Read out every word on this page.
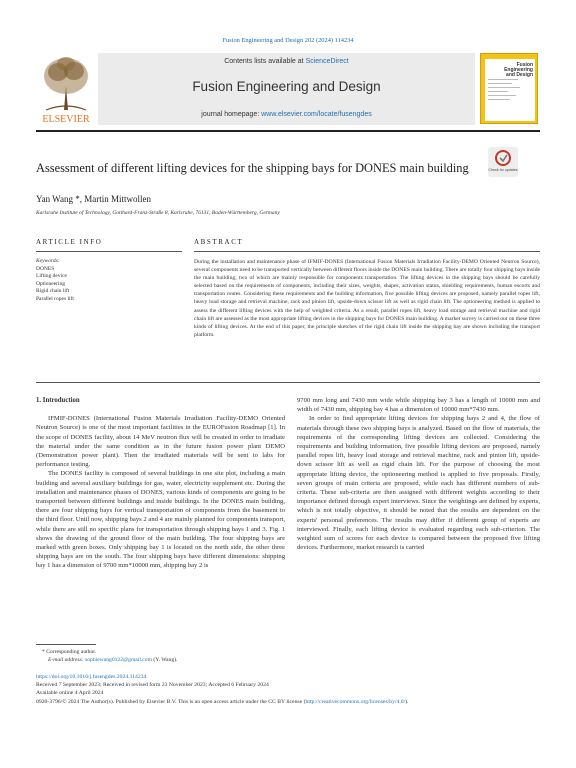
Fusion Engineering and Design 202 (2024) 114234
ELSEVIER
Contents lists available at ScienceDirect
Fusion Engineering and Design
journal homepage: www.elsevier.com/locate/fusengdes
Fusion Engineering
and Design
Assessment of different lifting devices for the shipping bays for DONES main building	Check for updates
Yan Wang *, Martin Mittwollen
Karlsruhe Institute of Technology, Gotthard-Franz-Straße 8, Karlsruhe, 76131, Baden-Württemberg, Germany
ARTICLE INFO	ABSTRACT
Keywords:
DONES
Lifting device
Optioneering
Rigid chain lift
Parallel ropes lift
During the installation and maintenance phase of IFMIF-DONES (International Fusion Materials Irradiation Facility-DEMO Oriented Neutron Source), several components need to be transported vertically between different floors inside the DONES main building. There are totally four shipping bays inside the main building, two of which are mainly responsible for components transportation. The lifting devices in the shipping bays should be carefully selected based on the requirements of components, including their sizes, weights, shapes, activation status, shielding requirements, human escorts and transportation routes. Considering these requirements and the building information, five possible lifting devices are proposed, namely parallel ropes lift, heavy load storage and retrieval machine, rack and pinion lift, upside-down scissor lift as well as rigid chain lift. The optioneering method is applied to assess the different lifting devices with the help of weighted criteria. As a result, parallel ropes lift, heavy load storage and retrieval machine and rigid chain lift are assessed as the most appropriate lifting devices in the shipping bays for DONES main building. A market survey is carried out on these three kinds of lifting devices. At the end of this paper, the principle sketches of the rigid chain lift inside the shipping bay are shown including the transport platform.

1. Introduction

IFMIF-DONES (International Fusion Materials Irradiation Facility-DEMO Oriented Neutron Source) is one of the most important facilities in the EUROFusion Roadmap [1]. In the scope of DONES facility, about 14 MeV neutron flux will be created in order to irradiate the material under the same condition as in the future fusion power plant DEMO (Demonstration power plant). Then the irradiated materials will be sent to labs for performance testing.

The DONES facility is composed of several buildings in one site plot, including a main building and several auxiliary buildings for gas, water, electricity supplement etc. During the installation and maintenance phases of DONES, various kinds of components are going to be transported between different buildings and inside buildings. In the DONES main building, there are four shipping bays for vertical transportation of components from the basement to the third floor. Until now, shipping bays 2 and 4 are mainly planned for components transport, while there are still no specific plans for transportation through shipping bays 1 and 3. Fig. 1 shows the drawing of the ground floor of the main building. The four shipping bays are marked with green boxes. Only shipping bay 1 is located on the north side, the other three shipping bays are on the south. The four shipping bays have different dimensions: shipping bay 1 has a dimension of 9700 mm*10000 mm, shipping bay 2 is

9700 mm long and 7430 mm wide while shipping bay 3 has a length of 10000 mm and width of 7430 mm, shipping bay 4 has a dimension of 10000 mm*7430 mm.

In order to find appropriate lifting devices for shipping bays 2 and 4, the flow of materials through these two shipping bays is analyzed. Based on the flow of materials, the requirements of the corresponding lifting devices are collected. Considering the requirements and building information, five possible lifting devices are proposed, namely parallel ropes lift, heavy load storage and retrieval machine, rack and pinion lift, upside-down scissor lift as well as rigid chain lift. For the purpose of choosing the most appropriate lifting device, the optioneering method is applied to five proposals. Firstly, seven groups of main criteria are proposed, while each has different numbers of sub-criteria. These sub-criteria are then assigned with different weights according to their importance defined through expert interviews. Since the weightings are defined by experts, which is not totally objective, it should be noted that the results are dependent on the experts' personal preferences. The results may differ if different group of experts are interviewed. Finally, each lifting device is evaluated regarding each sub-criterion. The weighted sum of scores for each device is compared between the proposed five lifting devices. Furthermore, market research is carried

* Corresponding author.
E-mail address: sophiewang0122@gmail.com (Y. Wang).
https://doi.org/10.1016/j.fusengdes.2024.114234
Received 7 September 2023; Received in revised form 23 November 2023; Accepted 6 February 2024
Available online 4 April 2024
0920-3796/© 2024 The Author(s). Published by Elsevier B.V. This is an open access article under the CC BY license (http://creativecommons.org/licenses/by/4.0/).
